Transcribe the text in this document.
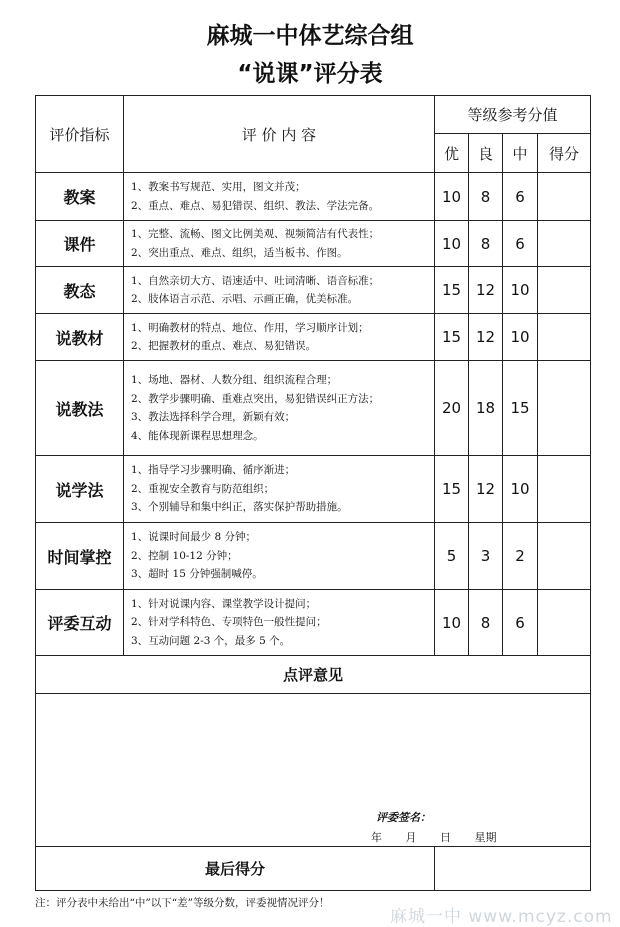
麻城一中体艺综合组
“说课”评分表
评价指标	评 价 内 容	等级参考分值			
		优	良	中	得分
教案	1、教案书写规范、实用，图文并茂；
2、重点、难点、易犯错误、组织、教法、学法完备。	10	8	6	
课件	1、完整、流畅、图文比例美观、视频简洁有代表性；
2、突出重点、难点、组织，适当板书、作图。	10	8	6	
教态	1、自然亲切大方、语速适中、吐词清晰、语音标准；
2、肢体语言示范、示唱、示画正确，优美标准。	15	12	10	
说教材	1、明确教材的特点、地位、作用，学习顺序计划；
2、把握教材的重点、难点、易犯错误。	15	12	10	
说教法	1、场地、器材、人数分组、组织流程合理；
2、教学步骤明确、重难点突出，易犯错误纠正方法；
3、教法选择科学合理，新颖有效；
4、能体现新课程思想理念。	20	18	15	
说学法	1、指导学习步骤明确、循序渐进；
2、重视安全教育与防范组织；
3、个别辅导和集中纠正，落实保护帮助措施。	15	12	10	
时间掌控	1、说课时间最少 8 分钟；
2、控制 10-12 分钟；
3、超时 15 分钟强制喊停。	5	3	2	
评委互动	1、针对说课内容、课堂教学设计提问；
2、针对学科特色、专项特色一般性提问；
3、互动问题 2-3 个，最多 5 个。	10	8	6	
点评意见					

评委签名：
年 月 日 星期					

最后得分					
注：评分表中未给出“中”以下“差”等级分数，评委视情况评分！
麻城一中 www.mcyz.com
